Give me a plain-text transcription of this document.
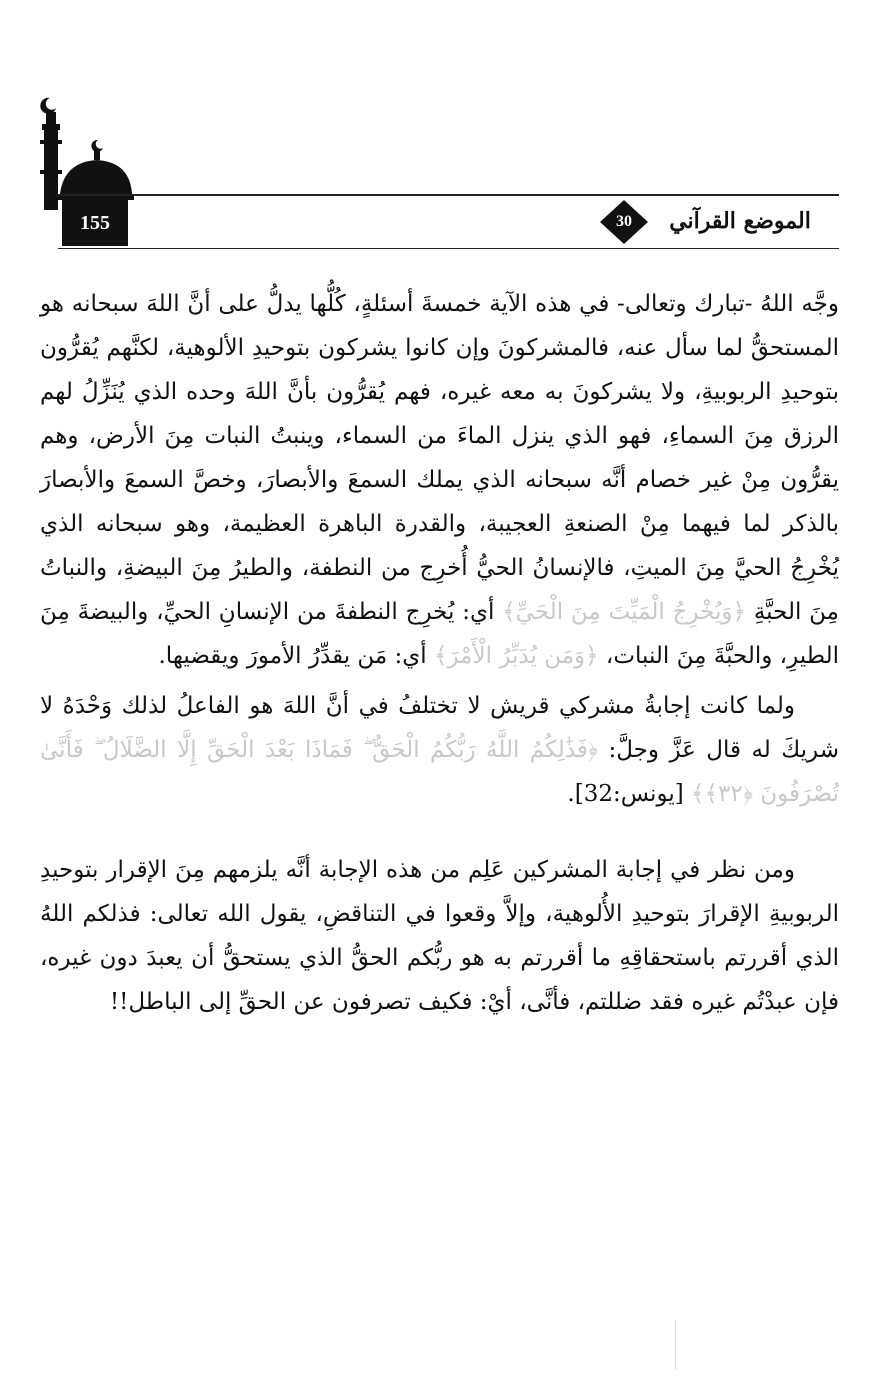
155	30	الموضع القرآني

وجَّه اللهُ -تبارك وتعالى- في هذه الآية خمسةَ أسئلةٍ، كُلُّها يدلُّ على أنَّ اللهَ سبحانه هو المستحقُّ لما سأل عنه، فالمشركونَ وإن كانوا يشركون بتوحيدِ الألوهية، لكنَّهم يُقرُّون بتوحيدِ الربوبيةِ، ولا يشركونَ به معه غيره، فهم يُقرُّون بأنَّ اللهَ وحده الذي يُنَزِّلُ لهم الرزق مِنَ السماءِ، فهو الذي ينزل الماءَ من السماء، وينبتُ النبات مِنَ الأرض، وهم يقرُّون مِنْ غير خصام أنَّه سبحانه الذي يملك السمعَ والأبصارَ، وخصَّ السمعَ والأبصارَ بالذكر لما فيهما مِنْ الصنعةِ العجيبة، والقدرة الباهرة العظيمة، وهو سبحانه الذي يُخْرِجُ الحيَّ مِنَ الميتِ، فالإنسانُ الحيُّ أُخرِج من النطفة، والطيرُ مِنَ البيضةِ، والنباتُ مِنَ الحبَّةِ ﴿وَيُخْرِجُ الْمَيِّتَ مِنَ الْحَيِّ﴾ أي: يُخرِج النطفةَ من الإنسانِ الحيِّ، والبيضةَ مِنَ الطيرِ، والحبَّةَ مِنَ النبات، ﴿وَمَن يُدَبِّرُ الْأَمْرَ﴾ أي: مَن يقدِّرُ الأمورَ ويقضيها.

ولما كانت إجابةُ مشركي قريش لا تختلفُ في أنَّ اللهَ هو الفاعلُ لذلك وَحْدَهُ لا شريكَ له قال عَزَّ وجلَّ: ﴿فَذَٰلِكُمُ اللَّهُ رَبُّكُمُ الْحَقُّ ۖ فَمَاذَا بَعْدَ الْحَقِّ إِلَّا الضَّلَالُ ۖ فَأَنَّىٰ تُصْرَفُونَ ﴿٣٢﴾﴾ [يونس:32].

ومن نظر في إجابة المشركين عَلِم من هذه الإجابة أنَّه يلزمهم مِنَ الإقرار بتوحيدِ الربوبيةِ الإقرارَ بتوحيدِ الأُلوهية، وإلاَّ وقعوا في التناقضِ، يقول الله تعالى: فذلكم اللهُ الذي أقررتم باستحقاقِهِ ما أقررتم به هو ربُّكم الحقُّ الذي يستحقُّ أن يعبدَ دون غيره، فإن عبدْتُم غيره فقد ضللتم، فأنَّى، أيْ: فكيف تصرفون عن الحقِّ إلى الباطل!!
